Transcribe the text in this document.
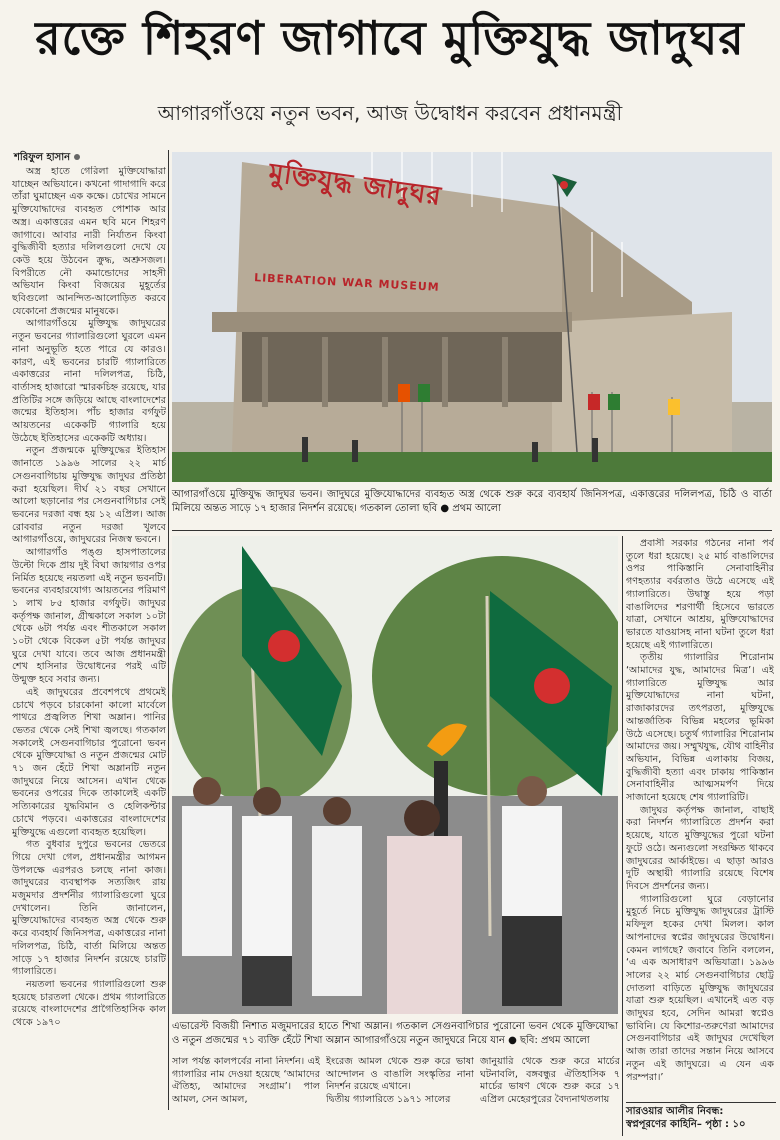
রক্তে শিহরণ জাগাবে মুক্তিযুদ্ধ জাদুঘর
আগারগাঁওয়ে নতুন ভবন, আজ উদ্বোধন করবেন প্রধানমন্ত্রী
শরিফুল হাসান

অস্ত্র হাতে গেরিলা মুক্তিযোদ্ধারা যাচ্ছেন অভিযানে। কখনো গাদাগাদি করে তাঁরা ঘুমাচ্ছেন এক কক্ষে। চোখের সামনে মুক্তিযোদ্ধাদের ব্যবহৃত পোশাক আর অস্ত্র। একাত্তরের এমন ছবি মনে শিহরণ জাগাবে। আবার নারী নির্যাতন কিংবা বুদ্ধিজীবী হত্যার দলিলগুলো দেখে যে কেউ হয়ে উঠবেন ক্রুদ্ধ, অশ্রুসজল। বিপরীতে নৌ কমান্ডোদের সাহসী অভিযান কিংবা বিজয়ের মুহূর্তের ছবিগুলো আনন্দিত-আলোড়িত করবে যেকোনো প্রজন্মের মানুষকে।

আগারগাঁওয়ে মুক্তিযুদ্ধ জাদুঘরের নতুন ভবনের গ্যালারিগুলো ঘুরলে এমন নানা অনুভূতি হতে পারে যে কারও। কারণ, এই ভবনের চারটি গ্যালারিতে একাত্তরের নানা দলিলপত্র, চিঠি, বার্তাসহ হাজারো স্মারকচিহ্ন রয়েছে, যার প্রতিটির সঙ্গে জড়িয়ে আছে বাংলাদেশের জন্মের ইতিহাস। পাঁচ হাজার বর্গফুট আয়তনের একেকটি গ্যালারি হয়ে উঠেছে ইতিহাসের একেকটি অধ্যায়।

নতুন প্রজন্মকে মুক্তিযুদ্ধের ইতিহাস জানাতে ১৯৯৬ সালের ২২ মার্চ সেগুনবাগিচায় মুক্তিযুদ্ধ জাদুঘর প্রতিষ্ঠা করা হয়েছিল। দীর্ঘ ২১ বছর সেখানে আলো ছড়ানোর পর সেগুনবাগিচার সেই ভবনের দরজা বন্ধ হয় ১২ এপ্রিল। আজ রোববার নতুন দরজা খুলবে আগারগাঁওয়ে, জাদুঘরের নিজস্ব ভবনে।

আগারগাঁও পঙ্গু হাসপাতালের উল্টো দিকে প্রায় দুই বিঘা জায়গার ওপর নির্মিত হয়েছে নয়তলা এই নতুন ভবনটি। ভবনের ব্যবহারযোগ্য আয়তনের পরিমাণ ১ লাখ ৮৫ হাজার বর্গফুট। জাদুঘর কর্তৃপক্ষ জানাল, গ্রীষ্মকালে সকাল ১০টা থেকে ৬টা পর্যন্ত এবং শীতকালে সকাল ১০টা থেকে বিকেল ৫টা পর্যন্ত জাদুঘর ঘুরে দেখা যাবে। তবে আজ প্রধানমন্ত্রী শেখ হাসিনার উদ্বোধনের পরই এটি উন্মুক্ত হবে সবার জন্য।

এই জাদুঘরের প্রবেশপথে প্রথমেই চোখে পড়বে চারকোনা কালো মার্বেলে পাথরে প্রজ্বলিত শিখা অম্লান। পানির ভেতর থেকে সেই শিখা জ্বলছে। গতকাল সকালেই সেগুনবাগিচার পুরোনো ভবন থেকে মুক্তিযোদ্ধা ও নতুন প্রজন্মের মোট ৭১ জন হেঁটে শিখা অম্লানটি নতুন জাদুঘরে নিয়ে আসেন। এখান থেকে ভবনের ওপরের দিকে তাকালেই একটি সত্যিকারের যুদ্ধবিমান ও হেলিকপ্টার চোখে পড়বে। একাত্তরের বাংলাদেশের মুক্তিযুদ্ধে এগুলো ব্যবহৃত হয়েছিল।

গত বুধবার দুপুরে ভবনের ভেতরে গিয়ে দেখা গেল, প্রধানমন্ত্রীর আগমন উপলক্ষে এরপরও চলছে নানা কাজ। জাদুঘরের ব্যবস্থাপক সত্যজিৎ রায় মজুমদার প্রদর্শনীর গ্যালারিগুলো ঘুরে দেখালেন। তিনি জানালেন, মুক্তিযোদ্ধাদের ব্যবহৃত অস্ত্র থেকে শুরু করে ব্যবহার্য জিনিসপত্র, একাত্তরের নানা দলিলপত্র, চিঠি, বার্তা মিলিয়ে অন্তত সাড়ে ১৭ হাজার নিদর্শন রয়েছে চারটি গ্যালারিতে।

নয়তলা ভবনের গ্যালারিগুলো শুরু হয়েছে চারতলা থেকে। প্রথম গ্যালারিতে রয়েছে বাংলাদেশের প্রাগৈতিহাসিক কাল থেকে ১৯৭০

মুক্তিযুদ্ধ জাদুঘর
LIBERATION WAR MUSEUM
আগারগাঁওয়ে মুক্তিযুদ্ধ জাদুঘর ভবন। জাদুঘরে মুক্তিযোদ্ধাদের ব্যবহৃত অস্ত্র থেকে শুরু করে ব্যবহার্য জিনিসপত্র, একাত্তরের দলিলপত্র, চিঠি ও বার্তা মিলিয়ে অন্তত সাড়ে ১৭ হাজার নিদর্শন রয়েছে। গতকাল তোলা ছবি ● প্রথম আলো
এভারেস্ট বিজয়ী নিশাত মজুমদারের হাতে শিখা অম্লান। গতকাল সেগুনবাগিচার পুরোনো ভবন থেকে মুক্তিযোদ্ধা ও নতুন প্রজন্মের ৭১ ব্যক্তি হেঁটে শিখা অম্লান আগারগাঁওয়ে নতুন জাদুঘরে নিয়ে যান ● ছবি: প্রথম আলো
সাল পর্যন্ত কালপর্বের নানা নিদর্শন। এই গ্যালারির নাম দেওয়া হয়েছে ‘আমাদের ঐতিহ্য, আমাদের সংগ্রাম’। পাল আমল, সেন আমল,
ইংরেজ আমল থেকে শুরু করে ভাষা আন্দোলন ও বাঙালি সংস্কৃতির নানা নিদর্শন রয়েছে এখানে।
দ্বিতীয় গ্যালারিতে ১৯৭১ সালের
জানুয়ারি থেকে শুরু করে মার্চের ঘটনাবলি, বঙ্গবন্ধুর ঐতিহাসিক ৭ মার্চের ভাষণ থেকে শুরু করে ১৭ এপ্রিল মেহেরপুরের বৈদ্যনাথতলায়

প্রবাসী সরকার গঠনের নানা পর্ব তুলে ধরা হয়েছে। ২৫ মার্চ বাঙালিদের ওপর পাকিস্তানি সেনাবাহিনীর গণহত্যার বর্বরতাও উঠে এসেছে এই গ্যালারিতে। উদ্বাস্তু হয়ে পড়া বাঙালিদের শরণার্থী হিসেবে ভারতে যাত্রা, সেখানে আশ্রয়, মুক্তিযোদ্ধাদের ভারতে যাওয়াসহ নানা ঘটনা তুলে ধরা হয়েছে এই গ্যালারিতে।

তৃতীয় গ্যালারির শিরোনাম ‘আমাদের যুদ্ধ, আমাদের মিত্র’। এই গ্যালারিতে মুক্তিযুদ্ধ আর মুক্তিযোদ্ধাদের নানা ঘটনা, রাজাকারদের তৎপরতা, মুক্তিযুদ্ধে আন্তর্জাতিক বিভিন্ন মহলের ভূমিকা উঠে এসেছে। চতুর্থ গ্যালারির শিরোনাম আমাদের জয়। সম্মুখযুদ্ধ, যৌথ বাহিনীর অভিযান, বিভিন্ন এলাকায় বিজয়, বুদ্ধিজীবী হত্যা এবং ঢাকায় পাকিস্তান সেনাবাহিনীর আত্মসমর্পণ দিয়ে সাজানো হয়েছে শেষ গ্যালারিটি।

জাদুঘর কর্তৃপক্ষ জানাল, বাছাই করা নিদর্শন গ্যালারিতে প্রদর্শন করা হয়েছে, যাতে মুক্তিযুদ্ধের পুরো ঘটনা ফুটে ওঠে। অন্যগুলো সংরক্ষিত থাকবে জাদুঘরের আর্কাইভে। এ ছাড়া আরও দুটি অস্থায়ী গ্যালারি রয়েছে বিশেষ দিবসে প্রদর্শনের জন্য।

গ্যালারিগুলো ঘুরে বেড়ানোর মুহূর্তে নিচে মুক্তিযুদ্ধ জাদুঘরের ট্রাস্টি মফিদুল হকের দেখা মিলল। কাল আপনাদের স্বপ্নের জাদুঘরের উদ্বোধন। কেমন লাগছে? জবাবে তিনি বললেন, ‘এ এক অসাধারণ অভিযাত্রা। ১৯৯৬ সালের ২২ মার্চ সেগুনবাগিচার ছোট্ট দোতলা বাড়িতে মুক্তিযুদ্ধ জাদুঘরের যাত্রা শুরু হয়েছিল। এখানেই এত বড় জাদুঘর হবে, সেদিন আমরা স্বপ্নেও ভাবিনি। যে কিশোর-তরুণেরা আমাদের সেগুনবাগিচার এই জাদুঘর দেখেছিল আজ তারা তাদের সন্তান নিয়ে আসবে নতুন এই জাদুঘরে। এ যেন এক পরম্পরা।’

সারওয়ার আলীর নিবন্ধ:
স্বপ্নপূরণের কাহিনি– পৃষ্ঠা : ১০
